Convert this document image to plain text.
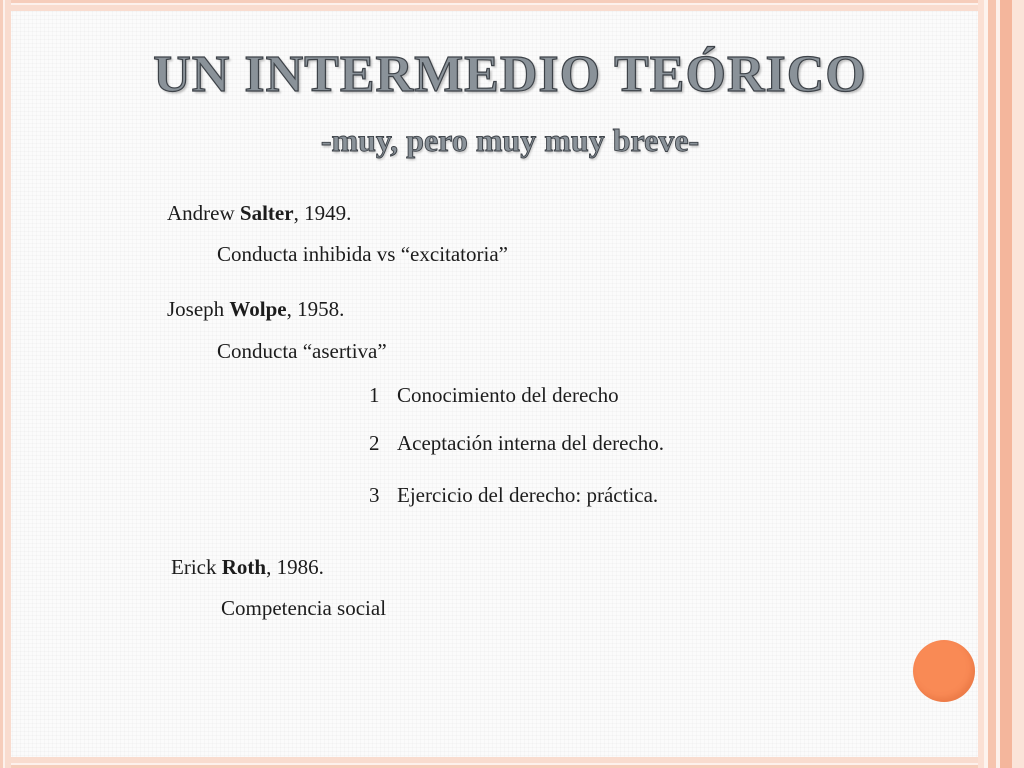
UN INTERMEDIO TEÓRICO
-muy, pero muy muy breve-

Andrew Salter, 1949.

Conducta inhibida vs “excitatoria”

Joseph Wolpe, 1958.

Conducta “asertiva”

1 Conocimiento del derecho

2 Aceptación interna del derecho.

3 Ejercicio del derecho: práctica.

Erick Roth, 1986.

Competencia social
